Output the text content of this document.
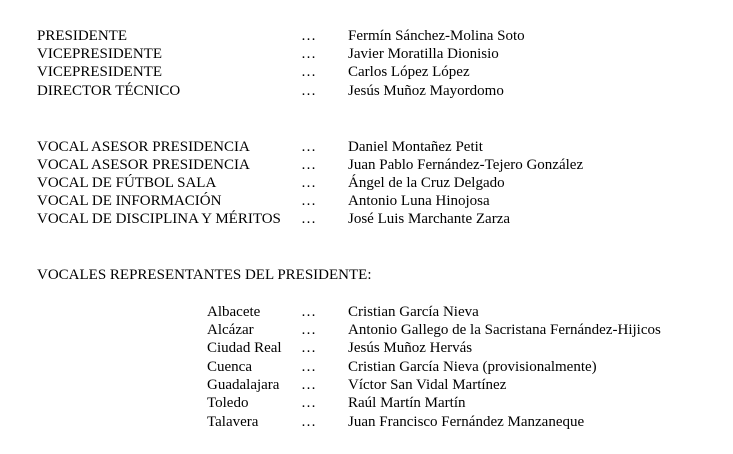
PRESIDENTE	… Fermín Sánchez-Molina Soto
VICEPRESIDENTE	… Javier Moratilla Dionisio
VICEPRESIDENTE	… Carlos López López
DIRECTOR TÉCNICO	… Jesús Muñoz Mayordomo
VOCAL ASESOR PRESIDENCIA	… Daniel Montañez Petit
VOCAL ASESOR PRESIDENCIA	… Juan Pablo Fernández-Tejero González
VOCAL DE FÚTBOL SALA	… Ángel de la Cruz Delgado
VOCAL DE INFORMACIÓN	… Antonio Luna Hinojosa
VOCAL DE DISCIPLINA Y MÉRITOS … José Luis Marchante Zarza
VOCALES REPRESENTANTES DEL PRESIDENTE:
Albacete	… Cristian García Nieva
Alcázar	… Antonio Gallego de la Sacristana Fernández-Hijicos
Ciudad Real … Jesús Muñoz Hervás
Cuenca	… Cristian García Nieva (provisionalmente)
Guadalajara … Víctor San Vidal Martínez
Toledo	… Raúl Martín Martín
Talavera	… Juan Francisco Fernández Manzaneque
